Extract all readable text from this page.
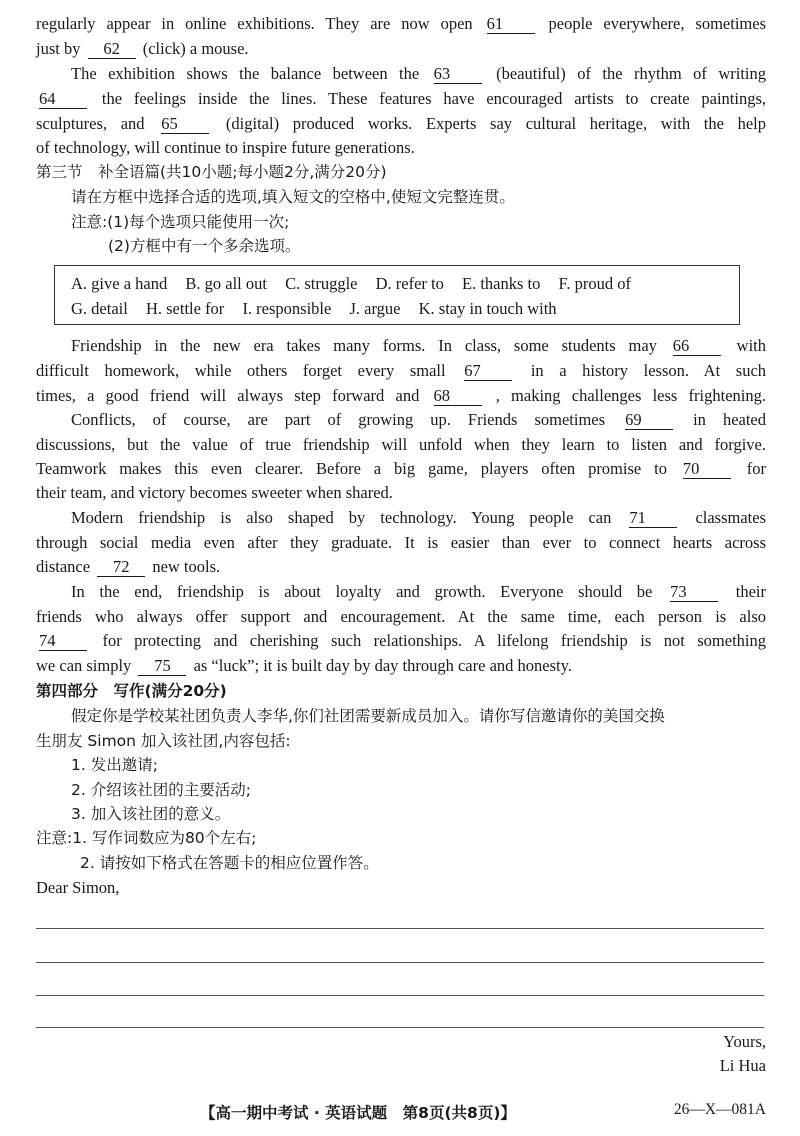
regularly appear in online exhibitions. They are now open 61	people everywhere, sometimes
just by 62 (click) a mouse.
The exhibition shows the balance between the 63	(beautiful) of the rhythm of writing
64	the feelings inside the lines. These features have encouraged artists to create paintings,
sculptures, and 65	(digital) produced works. Experts say cultural heritage, with the help
of technology, will continue to inspire future generations.
第三节　补全语篇(共10小题;每小题2分,满分20分)
请在方框中选择合适的选项,填入短文的空格中,使短文完整连贯。
注意:(1)每个选项只能使用一次;
(2)方框中有一个多余选项。
A. give a hand B. go all out C. struggle D. refer to E. thanks to F. proud of
G. detail H. settle for I. responsible J. argue K. stay in touch with
Friendship in the new era takes many forms. In class, some students may 66	with
difficult homework, while others forget every small 67	in a history lesson. At such
times, a good friend will always step forward and 68	, making challenges less frightening.
Conflicts, of course, are part of growing up. Friends sometimes 69	in heated
discussions, but the value of true friendship will unfold when they learn to listen and forgive.
Teamwork makes this even clearer. Before a big game, players often promise to 70	for
their team, and victory becomes sweeter when shared.
Modern friendship is also shaped by technology. Young people can 71	classmates
through social media even after they graduate. It is easier than ever to connect hearts across
distance 72 new tools.
In the end, friendship is about loyalty and growth. Everyone should be 73	their
friends who always offer support and encouragement. At the same time, each person is also
74	for protecting and cherishing such relationships. A lifelong friendship is not something
we can simply 75 as “luck”; it is built day by day through care and honesty.
第四部分　写作(满分20分)
假定你是学校某社团负责人李华,你们社团需要新成员加入。请你写信邀请你的美国交换
生朋友 Simon 加入该社团,内容包括:
1. 发出邀请;
2. 介绍该社团的主要活动;
3. 加入该社团的意义。
注意:1. 写作词数应为80个左右;
2. 请按如下格式在答题卡的相应位置作答。
Dear Simon,
Yours,
Li Hua
【高一期中考试 · 英语试题　第8页(共8页)】	26—X—081A
